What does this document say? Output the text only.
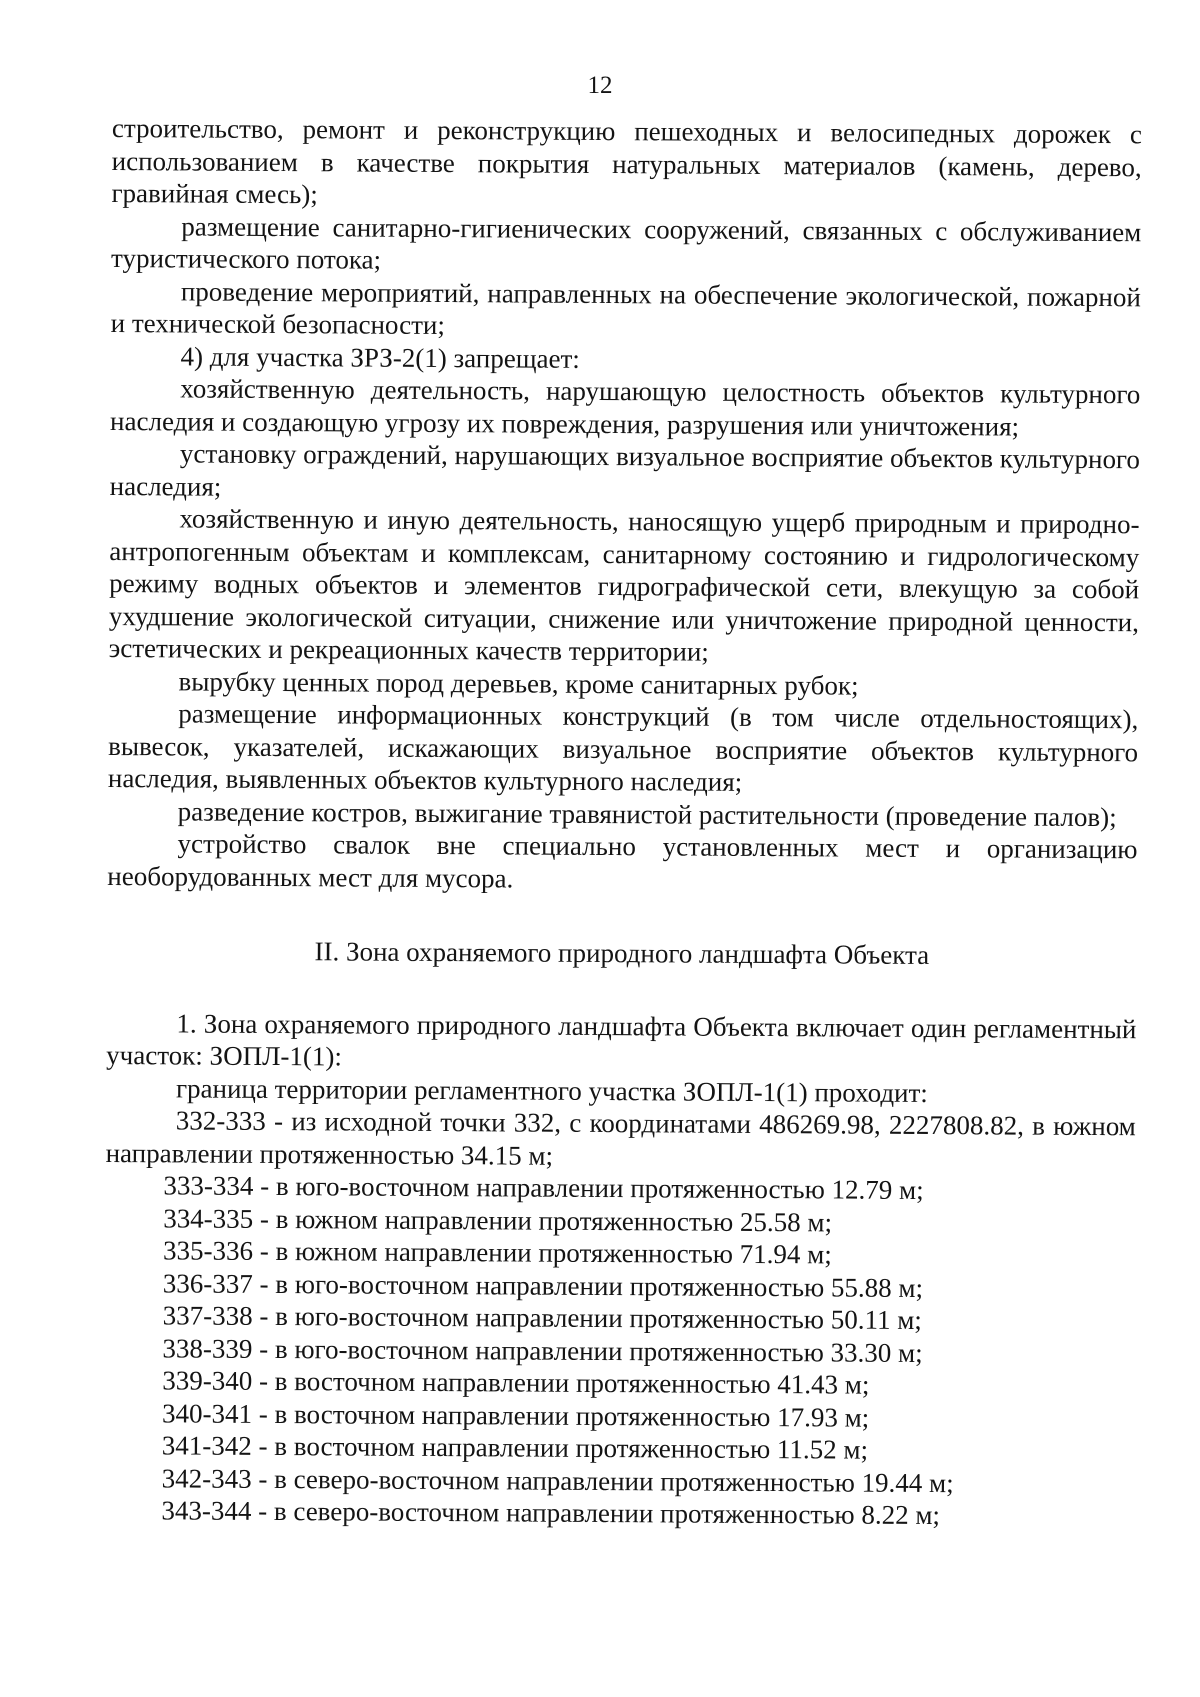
12

строительство, ремонт и реконструкцию пешеходных и велосипедных дорожек с использованием в качестве покрытия натуральных материалов (камень, дерево, гравийная смесь);

размещение санитарно-гигиенических сооружений, связанных с обслуживанием туристического потока;

проведение мероприятий, направленных на обеспечение экологической, пожарной и технической безопасности;

4) для участка ЗРЗ-2(1) запрещает:

хозяйственную деятельность, нарушающую целостность объектов культурного наследия и создающую угрозу их повреждения, разрушения или уничтожения;

установку ограждений, нарушающих визуальное восприятие объектов культурного наследия;

хозяйственную и иную деятельность, наносящую ущерб природным и природно-антропогенным объектам и комплексам, санитарному состоянию и гидрологическому режиму водных объектов и элементов гидрографической сети, влекущую за собой ухудшение экологической ситуации, снижение или уничтожение природной ценности, эстетических и рекреационных качеств территории;

вырубку ценных пород деревьев, кроме санитарных рубок;

размещение информационных конструкций (в том числе отдельностоящих), вывесок, указателей, искажающих визуальное восприятие объектов культурного наследия, выявленных объектов культурного наследия;

разведение костров, выжигание травянистой растительности (проведение палов);

устройство свалок вне специально установленных мест и организацию необорудованных мест для мусора.

II. Зона охраняемого природного ландшафта Объекта

1. Зона охраняемого природного ландшафта Объекта включает один регламентный участок: ЗОПЛ-1(1):

граница территории регламентного участка ЗОПЛ-1(1) проходит:

332-333 - из исходной точки 332, с координатами 486269.98, 2227808.82, в южном направлении протяженностью 34.15 м;

333-334 - в юго-восточном направлении протяженностью 12.79 м;
334-335 - в южном направлении протяженностью 25.58 м;
335-336 - в южном направлении протяженностью 71.94 м;
336-337 - в юго-восточном направлении протяженностью 55.88 м;
337-338 - в юго-восточном направлении протяженностью 50.11 м;
338-339 - в юго-восточном направлении протяженностью 33.30 м;
339-340 - в восточном направлении протяженностью 41.43 м;
340-341 - в восточном направлении протяженностью 17.93 м;
341-342 - в восточном направлении протяженностью 11.52 м;
342-343 - в северо-восточном направлении протяженностью 19.44 м;
343-344 - в северо-восточном направлении протяженностью 8.22 м;
